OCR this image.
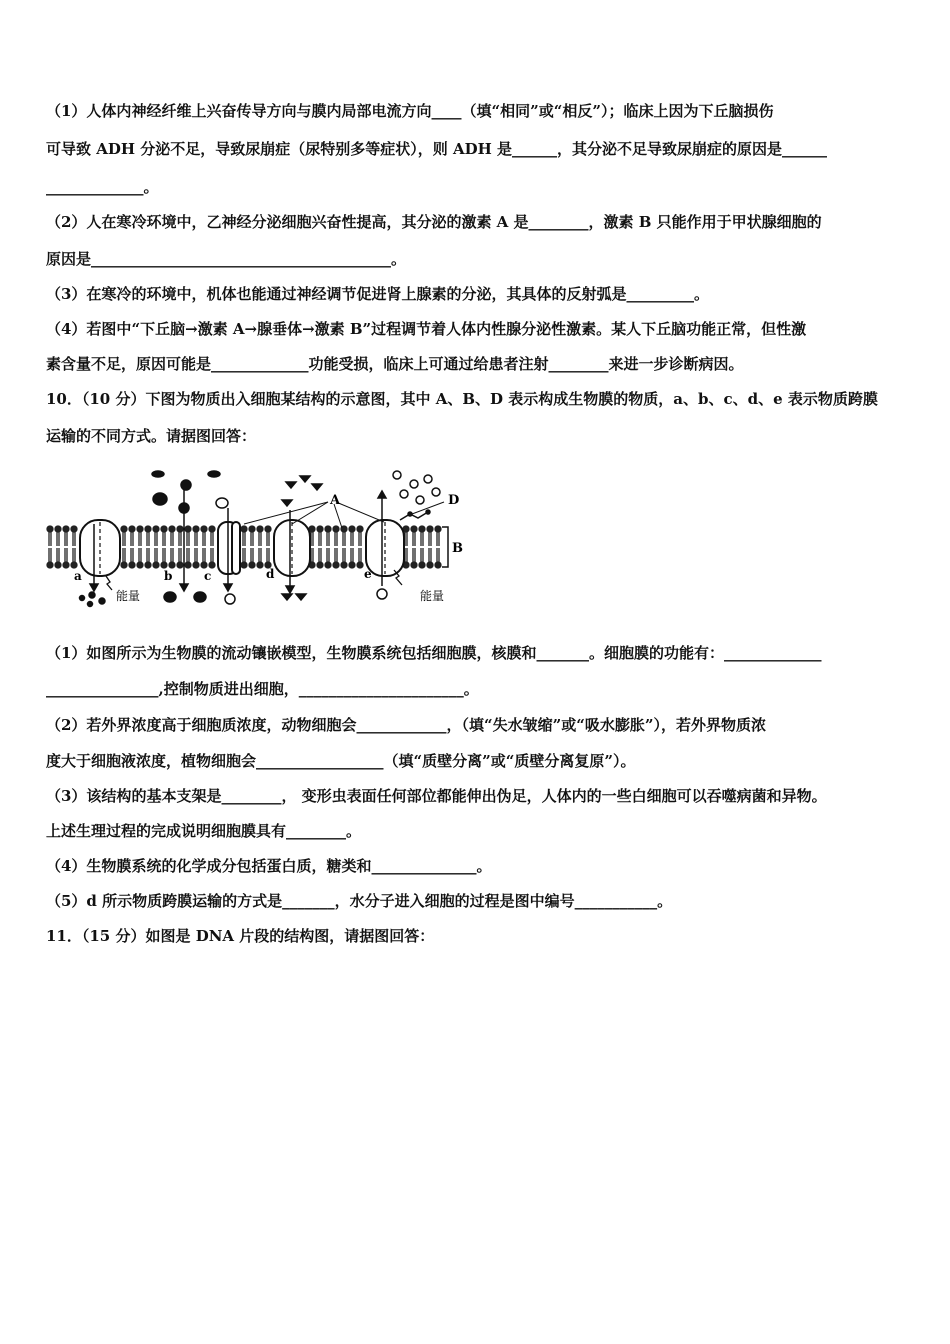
（1）人体内神经纤维上兴奋传导方向与膜内局部电流方向____（填“相同”或“相反”）；临床上因为下丘脑损伤
可导致 ADH 分泌不足，导致尿崩症（尿特别多等症状），则 ADH 是______，其分泌不足导致尿崩症的原因是______
_____________。
（2）人在寒冷环境中，乙神经分泌细胞兴奋性提高，其分泌的激素 A 是________，激素 B 只能作用于甲状腺细胞的
原因是________________________________________。
（3）在寒冷的环境中，机体也能通过神经调节促进肾上腺素的分泌，其具体的反射弧是_________。
（4）若图中“下丘脑→激素 A→腺垂体→激素 B”过程调节着人体内性腺分泌性激素。某人下丘脑功能正常，但性激
素含量不足，原因可能是_____________功能受损，临床上可通过给患者注射________来进一步诊断病因。
10．（10 分）下图为物质出入细胞某结构的示意图，其中 A、B、D 表示构成生物膜的物质，a、b、c、d、e 表示物质跨膜
运输的不同方式。请据图回答：
A	D
B
a	b	c	d	e
能量	能量
（1）如图所示为生物膜的流动镶嵌模型，生物膜系统包括细胞膜，核膜和_______。细胞膜的功能有：_____________
_______________,控制物质进出细胞，______________________。
（2）若外界浓度高于细胞质浓度，动物细胞会____________，（填“失水皱缩”或“吸水膨胀”），若外界物质浓
度大于细胞液浓度，植物细胞会_________________（填“质壁分离”或“质壁分离复原”）。
（3）该结构的基本支架是________， 变形虫表面任何部位都能伸出伪足，人体内的一些白细胞可以吞噬病菌和异物。
上述生理过程的完成说明细胞膜具有________。
（4）生物膜系统的化学成分包括蛋白质，糖类和______________。
（5）d 所示物质跨膜运输的方式是_______，水分子进入细胞的过程是图中编号___________。
11．（15 分）如图是 DNA 片段的结构图，请据图回答：
